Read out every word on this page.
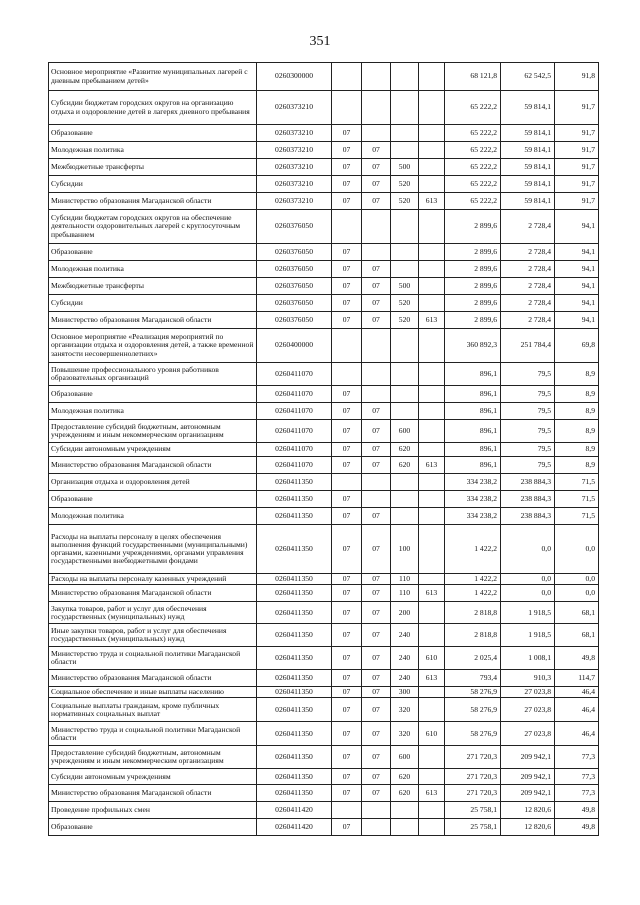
351
Основное мероприятие «Развитие муниципальных лагерей с дневным пребыванием детей»	0260300000					68 121,8	62 542,5	91,8
Субсидии бюджетам городских округов на организацию отдыха и оздоровление детей в лагерях дневного пребывания	0260373210					65 222,2	59 814,1	91,7
Образование	0260373210	07				65 222,2	59 814,1	91,7
Молодежная политика	0260373210	07	07			65 222,2	59 814,1	91,7
Межбюджетные трансферты	0260373210	07	07	500		65 222,2	59 814,1	91,7
Субсидии	0260373210	07	07	520		65 222,2	59 814,1	91,7
Министерство образования Магаданской области	0260373210	07	07	520	613	65 222,2	59 814,1	91,7
Субсидии бюджетам городских округов на обеспечение деятельности оздоровительных лагерей с круглосуточным пребыванием	0260376050					2 899,6	2 728,4	94,1
Образование	0260376050	07				2 899,6	2 728,4	94,1
Молодежная политика	0260376050	07	07			2 899,6	2 728,4	94,1
Межбюджетные трансферты	0260376050	07	07	500		2 899,6	2 728,4	94,1
Субсидии	0260376050	07	07	520		2 899,6	2 728,4	94,1
Министерство образования Магаданской области	0260376050	07	07	520	613	2 899,6	2 728,4	94,1
Основное мероприятие «Реализация мероприятий по организации отдыха и оздоровления детей, а также временной занятости несовершеннолетних»	0260400000					360 892,3	251 784,4	69,8
Повышение профессионального уровня работников образовательных организаций	0260411070					896,1	79,5	8,9
Образование	0260411070	07				896,1	79,5	8,9
Молодежная политика	0260411070	07	07			896,1	79,5	8,9
Предоставление субсидий бюджетным, автономным учреждениям и иным некоммерческим организациям	0260411070	07	07	600		896,1	79,5	8,9
Субсидии автономным учреждениям	0260411070	07	07	620		896,1	79,5	8,9
Министерство образования Магаданской области	0260411070	07	07	620	613	896,1	79,5	8,9
Организация отдыха и оздоровления детей	0260411350					334 238,2	238 884,3	71,5
Образование	0260411350	07				334 238,2	238 884,3	71,5
Молодежная политика	0260411350	07	07			334 238,2	238 884,3	71,5
Расходы на выплаты персоналу в целях обеспечения выполнения функций государственными (муниципальными) органами, казенными учреждениями, органами управления государственными внебюджетными фондами	0260411350	07	07	100		1 422,2	0,0	0,0
Расходы на выплаты персоналу казенных учреждений	0260411350	07	07	110		1 422,2	0,0	0,0
Министерство образования Магаданской области	0260411350	07	07	110	613	1 422,2	0,0	0,0
Закупка товаров, работ и услуг для обеспечения государственных (муниципальных) нужд	0260411350	07	07	200		2 818,8	1 918,5	68,1
Иные закупки товаров, работ и услуг для обеспечения государственных (муниципальных) нужд	0260411350	07	07	240		2 818,8	1 918,5	68,1
Министерство труда и социальной политики Магаданской области	0260411350	07	07	240	610	2 025,4	1 008,1	49,8
Министерство образования Магаданской области	0260411350	07	07	240	613	793,4	910,3	114,7
Социальное обеспечение и иные выплаты населению	0260411350	07	07	300		58 276,9	27 023,8	46,4
Социальные выплаты гражданам, кроме публичных нормативных социальных выплат	0260411350	07	07	320		58 276,9	27 023,8	46,4
Министерство труда и социальной политики Магаданской области	0260411350	07	07	320	610	58 276,9	27 023,8	46,4
Предоставление субсидий бюджетным, автономным учреждениям и иным некоммерческим организациям	0260411350	07	07	600		271 720,3	209 942,1	77,3
Субсидии автономным учреждениям	0260411350	07	07	620		271 720,3	209 942,1	77,3
Министерство образования Магаданской области	0260411350	07	07	620	613	271 720,3	209 942,1	77,3
Проведение профильных смен	0260411420					25 758,1	12 820,6	49,8
Образование	0260411420	07				25 758,1	12 820,6	49,8
